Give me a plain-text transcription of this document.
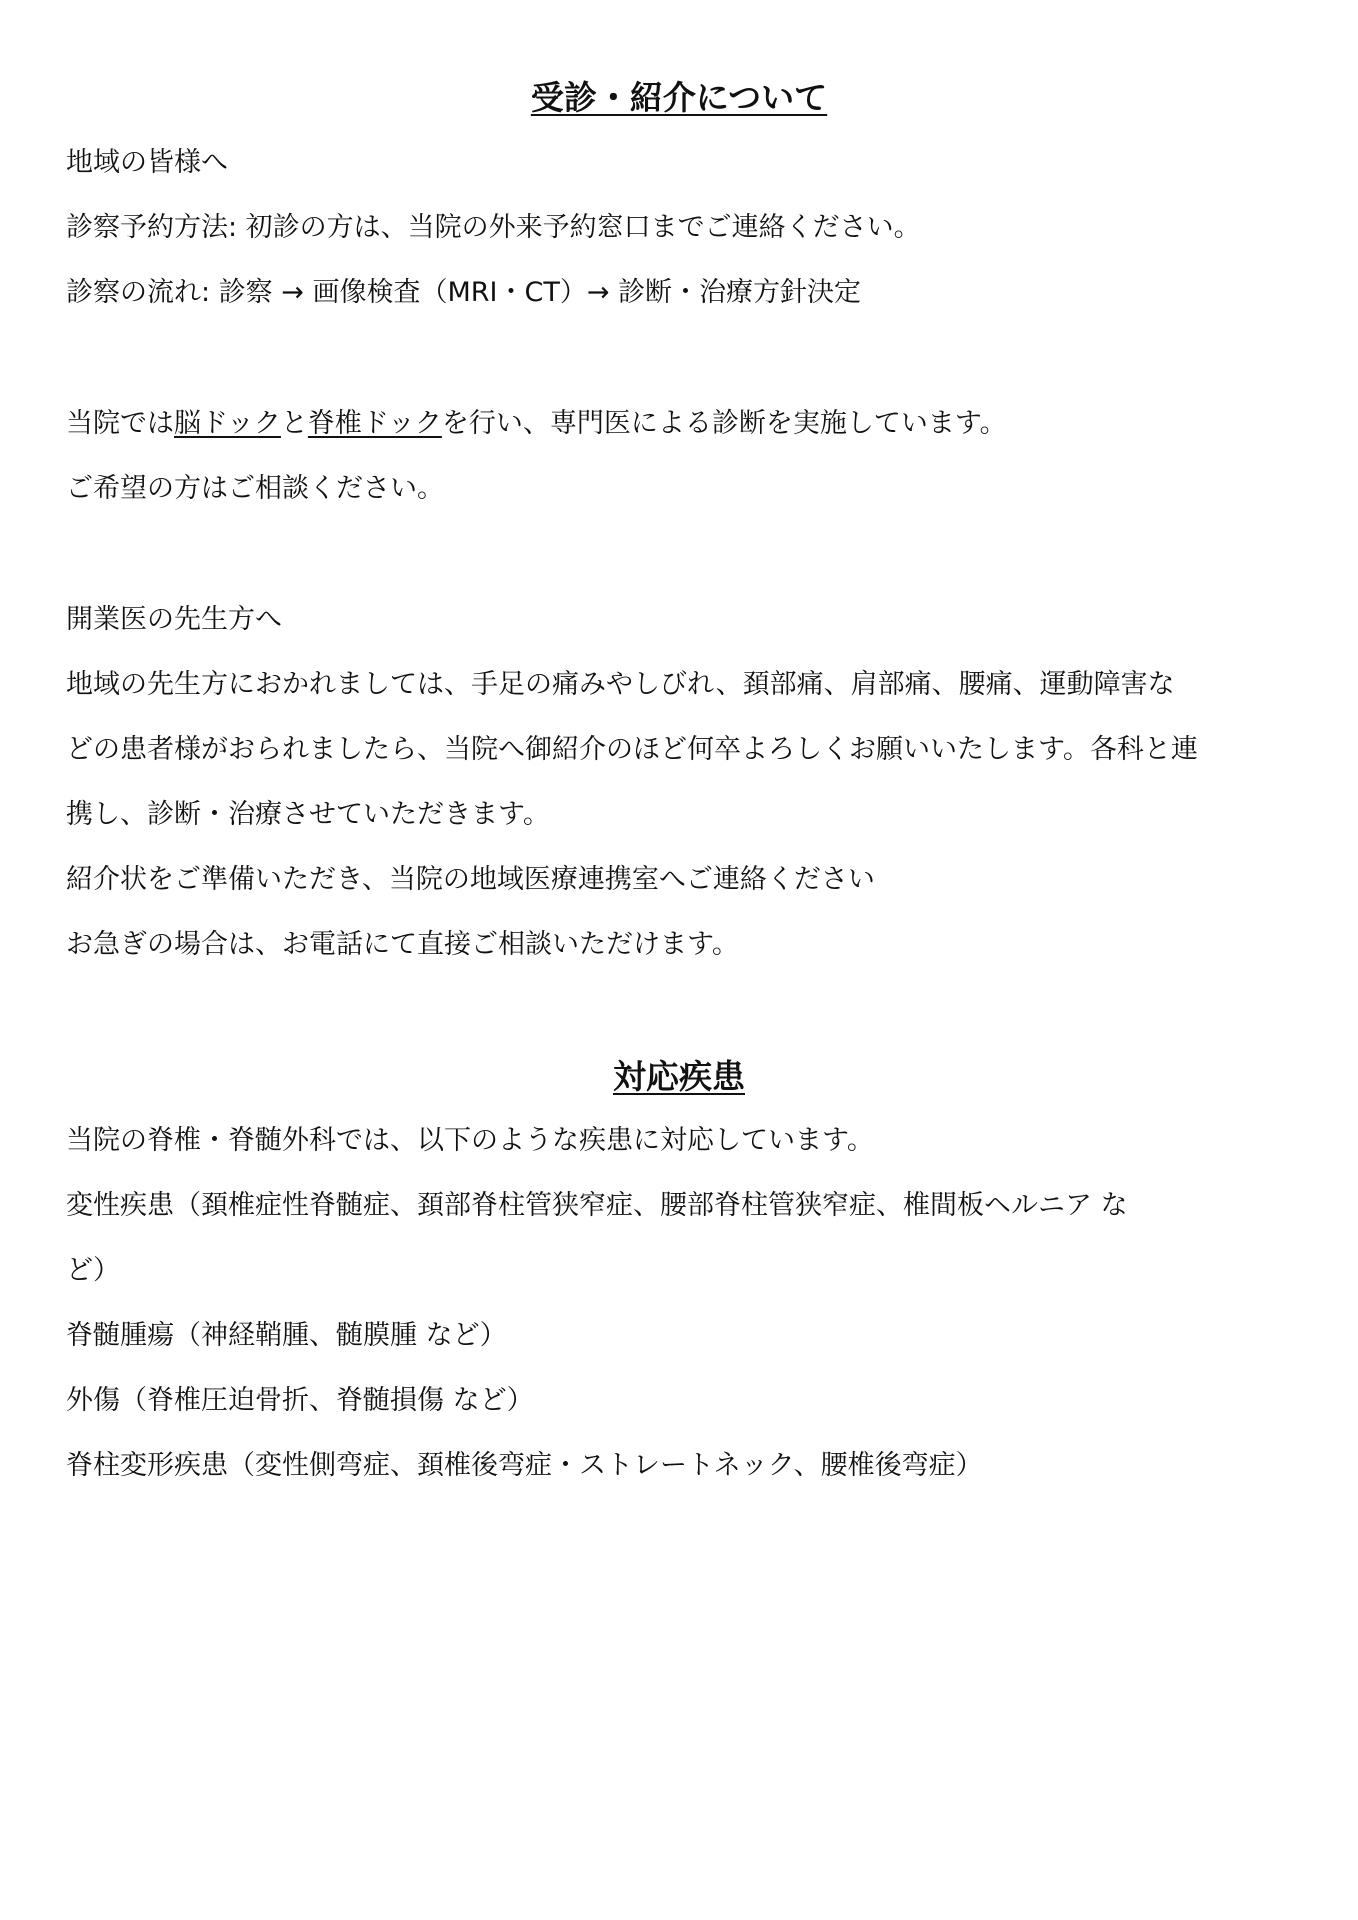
受診・紹介について
地域の皆様へ
診察予約方法: 初診の方は、当院の外来予約窓口までご連絡ください。
診察の流れ: 診察 → 画像検査（MRI・CT）→ 診断・治療方針決定
当院では脳ドックと脊椎ドックを行い、専門医による診断を実施しています。
ご希望の方はご相談ください。
開業医の先生方へ
地域の先生方におかれましては、手足の痛みやしびれ、頚部痛、肩部痛、腰痛、運動障害な
どの患者様がおられましたら、当院へ御紹介のほど何卒よろしくお願いいたします。各科と連
携し、診断・治療させていただきます。
紹介状をご準備いただき、当院の地域医療連携室へご連絡ください
お急ぎの場合は、お電話にて直接ご相談いただけます。
対応疾患
当院の脊椎・脊髄外科では、以下のような疾患に対応しています。
変性疾患（頚椎症性脊髄症、頚部脊柱管狭窄症、腰部脊柱管狭窄症、椎間板ヘルニア な
ど）
脊髄腫瘍（神経鞘腫、髄膜腫 など）
外傷（脊椎圧迫骨折、脊髄損傷 など）
脊柱変形疾患（変性側弯症、頚椎後弯症・ストレートネック、腰椎後弯症）
